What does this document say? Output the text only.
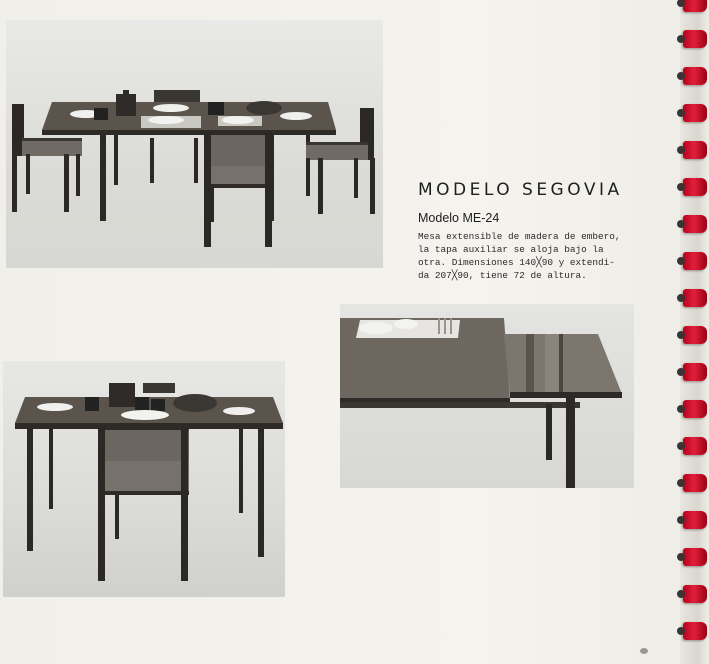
MODELO SEGOVIA
Modelo ME-24
Mesa extensible de madera de embero,
la tapa auxiliar se aloja bajo la
otra. Dimensiones 140╳90 y extendi-
da 207╳90, tiene 72 de altura.
